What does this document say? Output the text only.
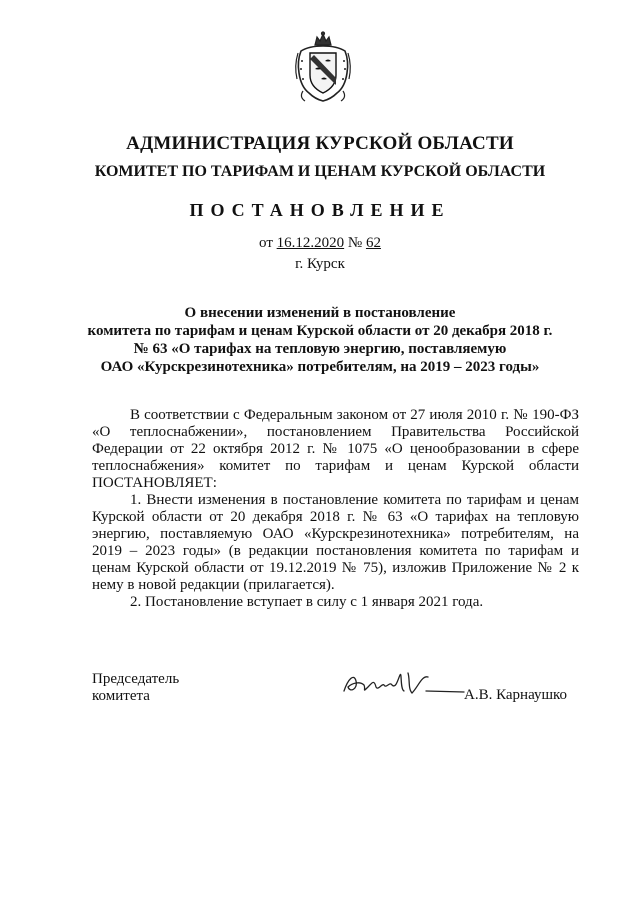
АДМИНИСТРАЦИЯ КУРСКОЙ ОБЛАСТИ
КОМИТЕТ ПО ТАРИФАМ И ЦЕНАМ КУРСКОЙ ОБЛАСТИ
ПОСТАНОВЛЕНИЕ
от 16.12.2020 № 62
г. Курск
О внесении изменений в постановление
комитета по тарифам и ценам Курской области от 20 декабря 2018 г.
№ 63 «О тарифах на тепловую энергию, поставляемую
ОАО «Курскрезинотехника» потребителям, на 2019 – 2023 годы»

В соответствии с Федеральным законом от 27 июля 2010 г. № 190-ФЗ «О теплоснабжении», постановлением Правительства Российской Федерации от 22 октября 2012 г. № 1075 «О ценообразовании в сфере теплоснабжения» комитет по тарифам и ценам Курской области ПОСТАНОВЛЯЕТ:

1. Внести изменения в постановление комитета по тарифам и ценам Курской области от 20 декабря 2018 г. № 63 «О тарифах на тепловую энергию, поставляемую ОАО «Курскрезинотехника» потребителям, на 2019 – 2023 годы» (в редакции постановления комитета по тарифам и ценам Курской области от 19.12.2019 № 75), изложив Приложение № 2 к нему в новой редакции (прилагается).

2. Постановление вступает в силу с 1 января 2021 года.

Председатель
комитета	А.В. Карнаушко
